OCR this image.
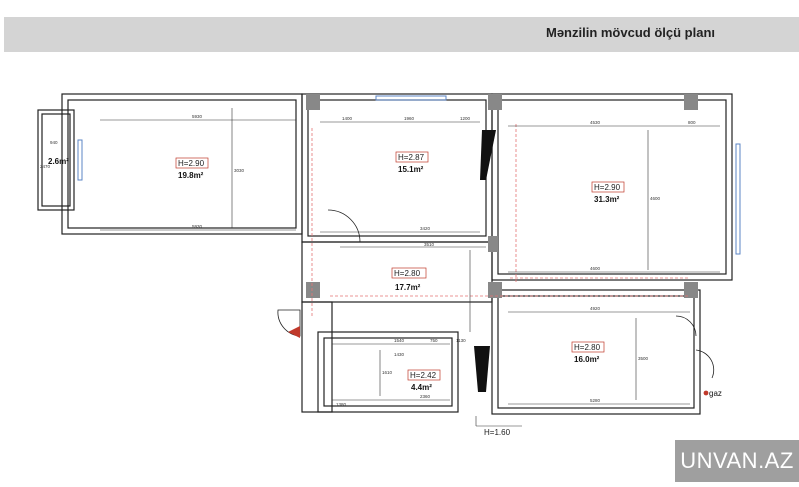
Mənzilin mövcud ölçü planı
2.6m²	H=2.90
19.8m²
H=2.87
15.1m²
H=2.90
31.3m²
H=2.80
17.7m²
H=2.42
4.4m²
H=2.80
16.0m²
H=1.60
5930
5930
3030
1400	1960	1200
3420
4530	800
4600
4600
3510
4920
5280
3500
1540
1430
2360
1610
1380
1130
750
940
2470
gaz
UNVAN.AZ
